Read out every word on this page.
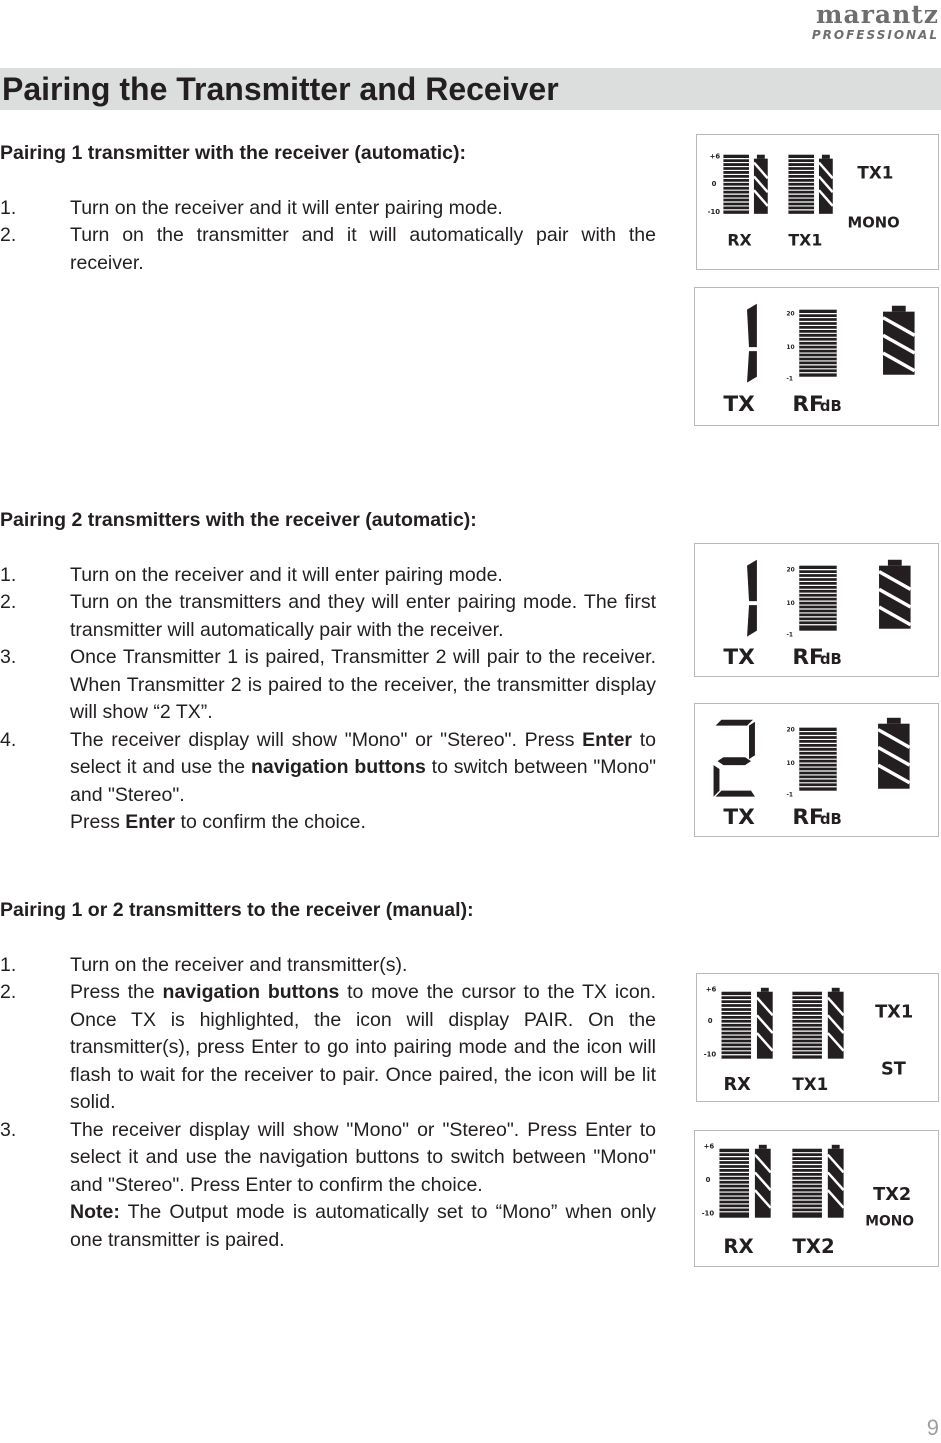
marantz
PROFESSIONAL
Pairing the Transmitter and Receiver
Pairing 1 transmitter with the receiver (automatic):
1.	Turn on the receiver and it will enter pairing mode.
2.	Turn on the transmitter and it will automatically pair with the receiver.
Pairing 2 transmitters with the receiver (automatic):
1.	Turn on the receiver and it will enter pairing mode.
2.	Turn on the transmitters and they will enter pairing mode. The first transmitter will automatically pair with the receiver.
3.	Once Transmitter 1 is paired, Transmitter 2 will pair to the receiver. When Transmitter 2 is paired to the receiver, the transmitter display will show “2 TX”.
4.	The receiver display will show "Mono" or "Stereo". Press Enter to select it and use the navigation buttons to switch between "Mono" and "Stereo".
Press Enter to confirm the choice.
Pairing 1 or 2 transmitters to the receiver (manual):
1.	Turn on the receiver and transmitter(s).
2.	Press the navigation buttons to move the cursor to the TX icon. Once TX is highlighted, the icon will display PAIR. On the transmitter(s), press Enter to go into pairing mode and the icon will flash to wait for the receiver to pair. Once paired, the icon will be lit solid.
3.	The receiver display will show "Mono" or "Stereo". Press Enter to select it and use the navigation buttons to switch between "Mono" and "Stereo". Press Enter to confirm the choice.
Note: The Output mode is automatically set to “Mono” when only one transmitter is paired.
+6
0
-10
RX TX1
TX1
MONO
1
20
10
-1
TX RF
dB
1
20
10
-1
TX RF
dB
2
20
10
-1
TX RF
dB
+6
0
-10
RX TX1
TX1
ST
+6
0
-10
RX TX2
TX2
MONO
9
